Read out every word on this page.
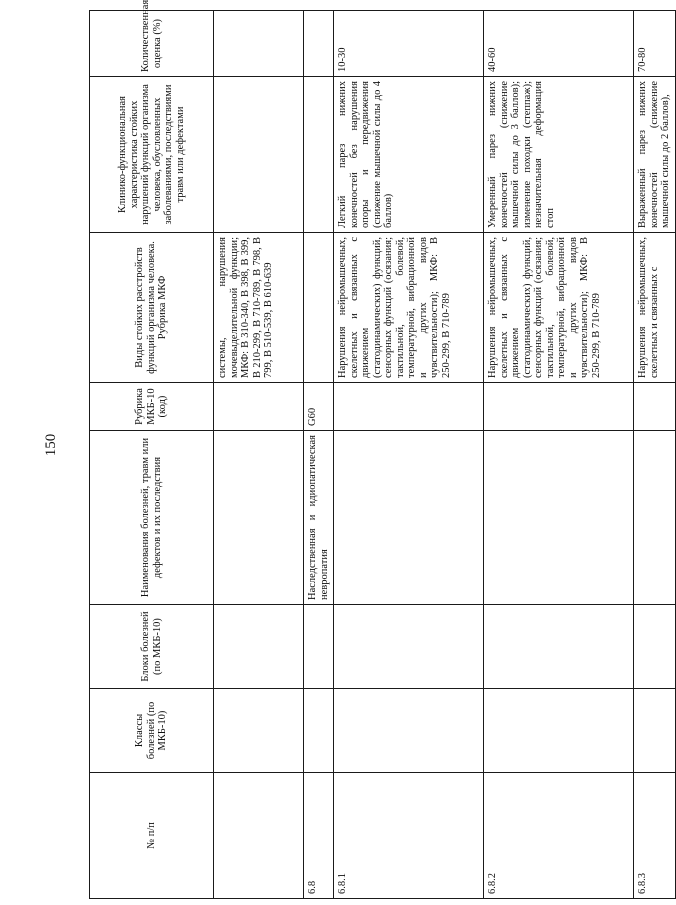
150
№ п/п	Классы болезней (по МКБ-10)	Блоки болезней (по МКБ-10)	Наименования болезней, травм или дефектов и их последствия	Рубрика МКБ-10 (код)	Виды стойких расстройств функций организма человека. Рубрика МКФ	Клинико-функциональная характеристика стойких нарушений функций организма человека, обусловленных заболеваниями, последствиями травм или дефектами	Количественная оценка (%)
					системы, нарушения мочевыделительной функции; МКФ: B 310-340, B 398, B 399, B 210-299, B 710-789, B 798, B 799, B 510-539, B 610-639		
6.8			Наследственная и идиопатическая невропатия	G60			
6.8.1					Нарушения нейромышечных, скелетных и связанных с движением (статодинамических) функций, сенсорных функций (осязания; тактильной, болевой, температурной, вибрационной и других видов чувствительности); МКФ: B 250-299, B 710-789	Легкий парез нижних конечностей без нарушения опоры и передвижения (снижение мышечной силы до 4 баллов)	10-30
6.8.2					Нарушения нейромышечных, скелетных и связанных с движением (статодинамических) функций, сенсорных функций (осязания; тактильной, болевой, температурной, вибрационной и других видов чувствительности); МКФ: B 250-299, B 710-789	Умеренный парез нижних конечностей (снижение мышечной силы до 3 баллов); изменение походки (степпаж); незначительная деформация стоп	40-60
6.8.3					Нарушения нейромышечных, скелетных и связанных с	Выраженный парез нижних конечностей (снижение мышечной силы до 2 баллов),	70-80
